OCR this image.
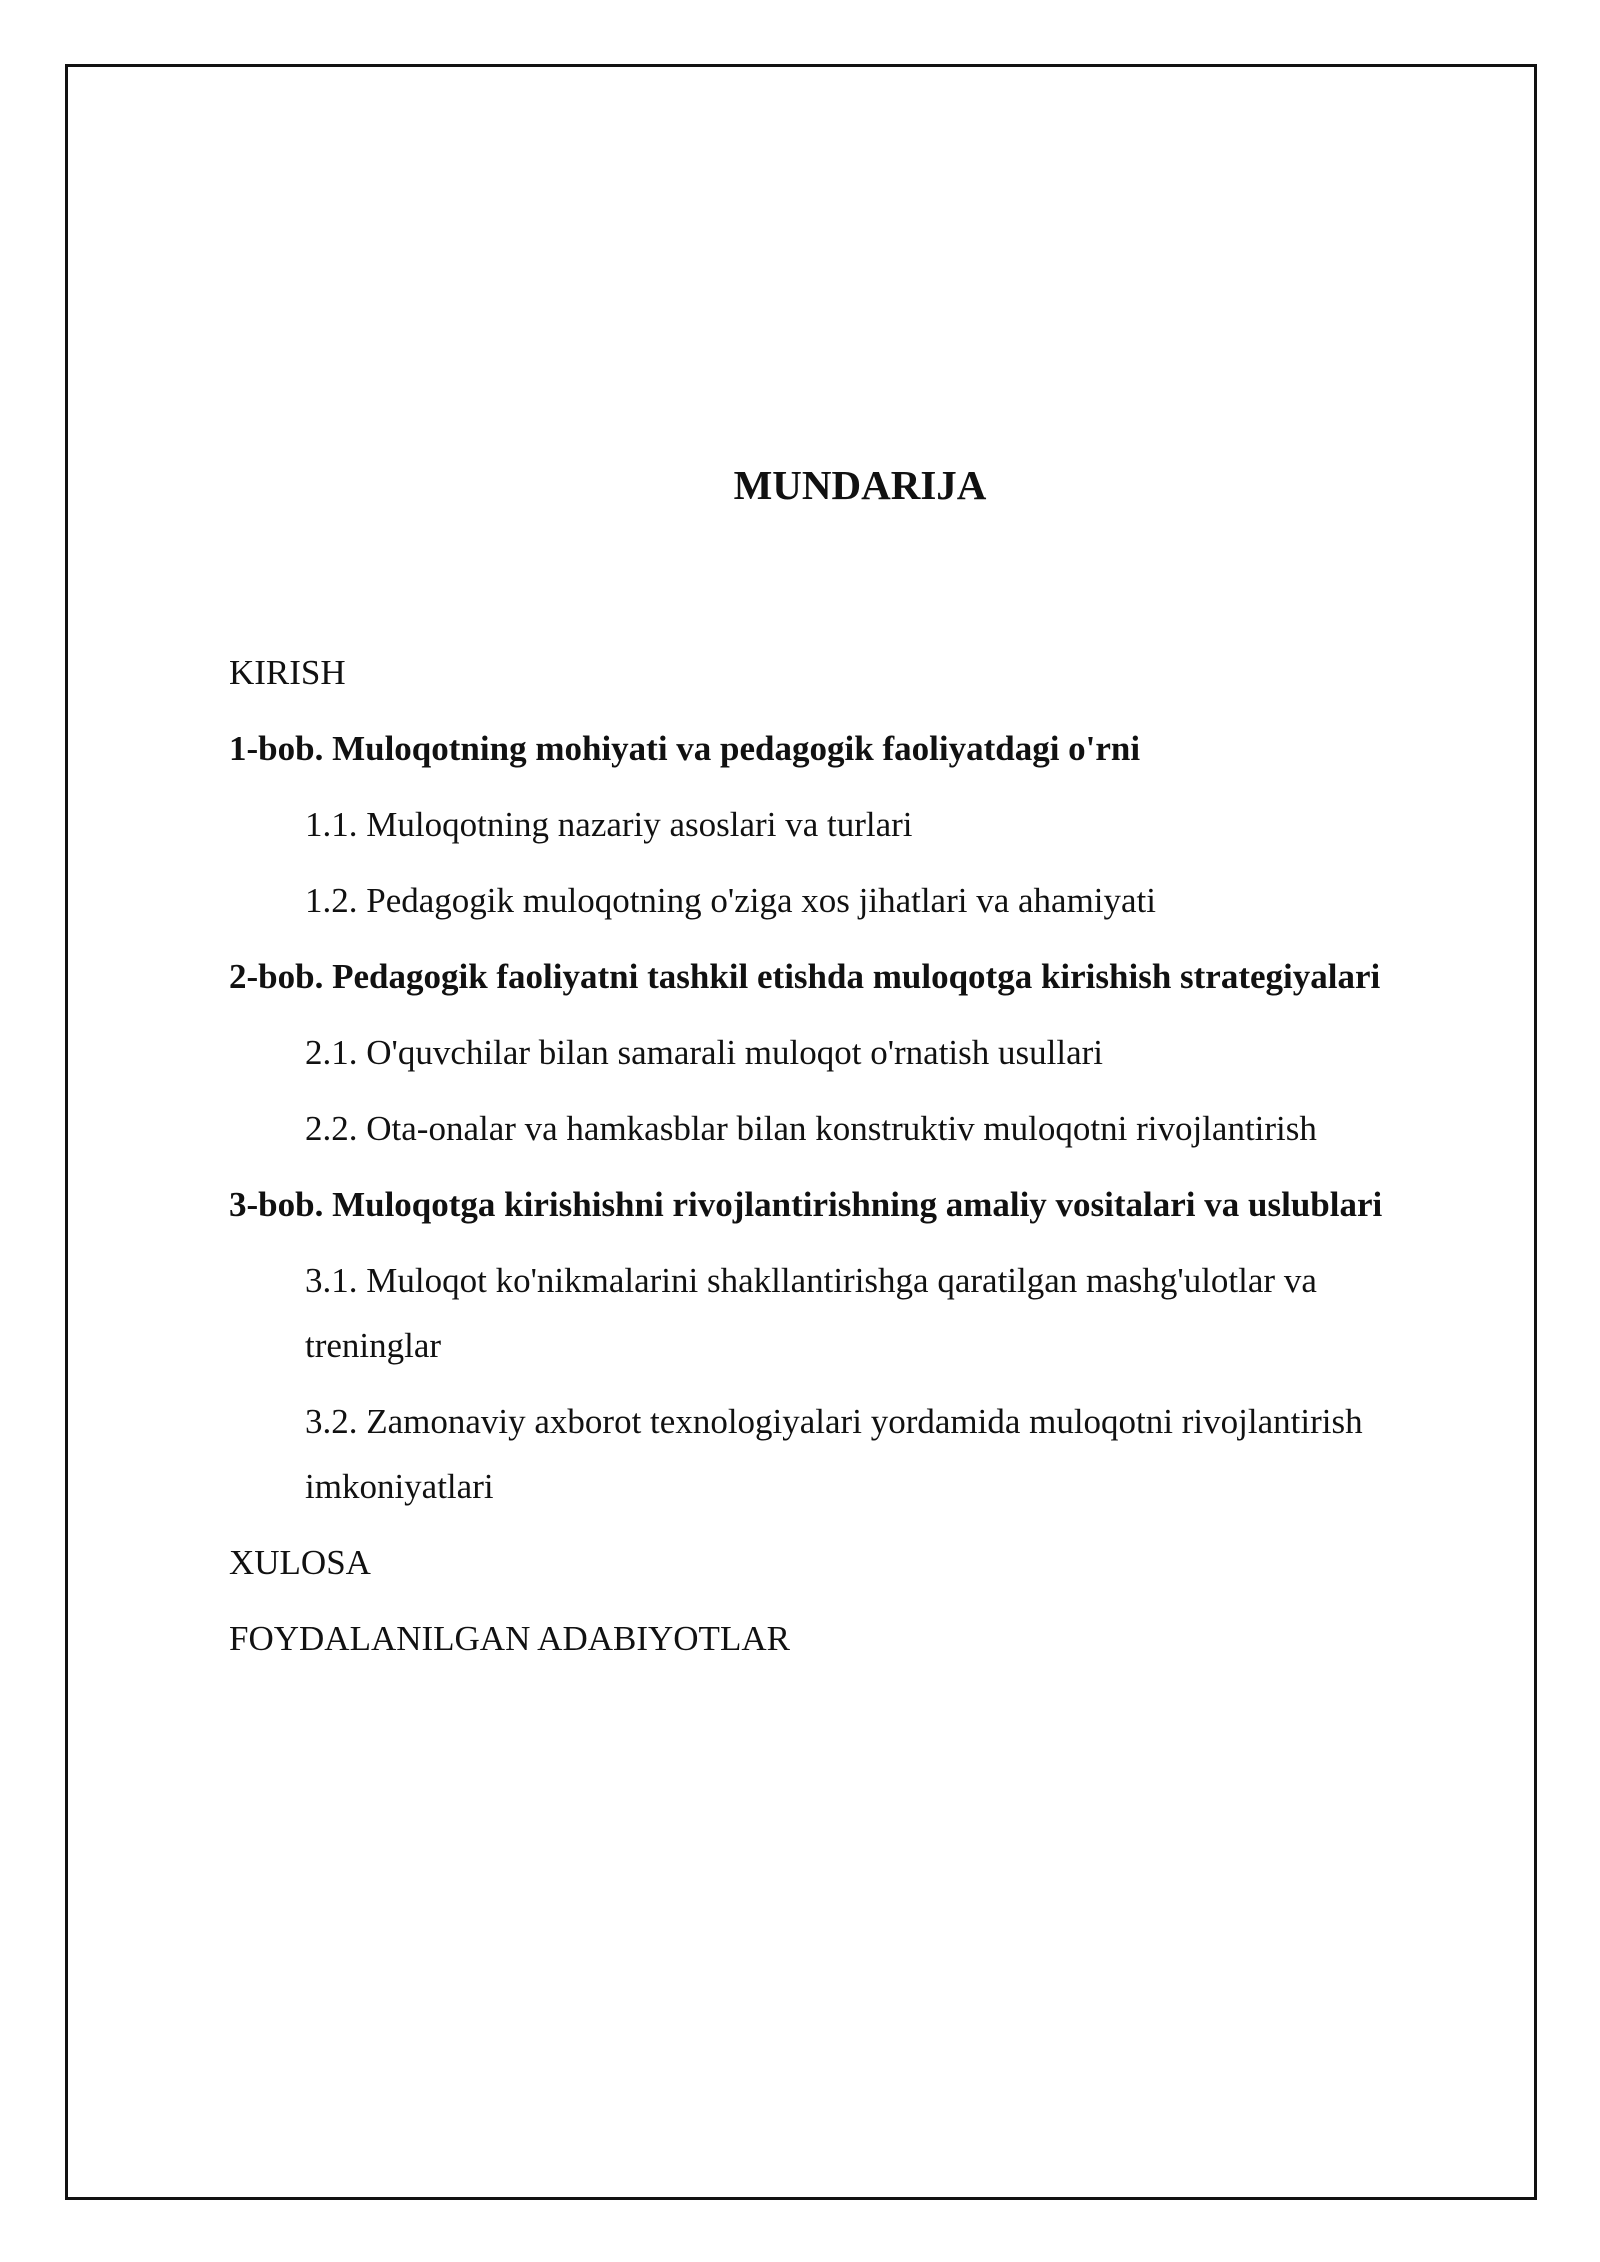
MUNDARIJA
KIRISH
1-bob. Muloqotning mohiyati va pedagogik faoliyatdagi o'rni
1.1. Muloqotning nazariy asoslari va turlari
1.2. Pedagogik muloqotning o'ziga xos jihatlari va ahamiyati
2-bob. Pedagogik faoliyatni tashkil etishda muloqotga kirishish strategiyalari
2.1. O'quvchilar bilan samarali muloqot o'rnatish usullari
2.2. Ota-onalar va hamkasblar bilan konstruktiv muloqotni rivojlantirish
3-bob. Muloqotga kirishishni rivojlantirishning amaliy vositalari va uslublari
3.1. Muloqot ko'nikmalarini shakllantirishga qaratilgan mashg'ulotlar va treninglar
3.2. Zamonaviy axborot texnologiyalari yordamida muloqotni rivojlantirish imkoniyatlari
XULOSA
FOYDALANILGAN ADABIYOTLAR
